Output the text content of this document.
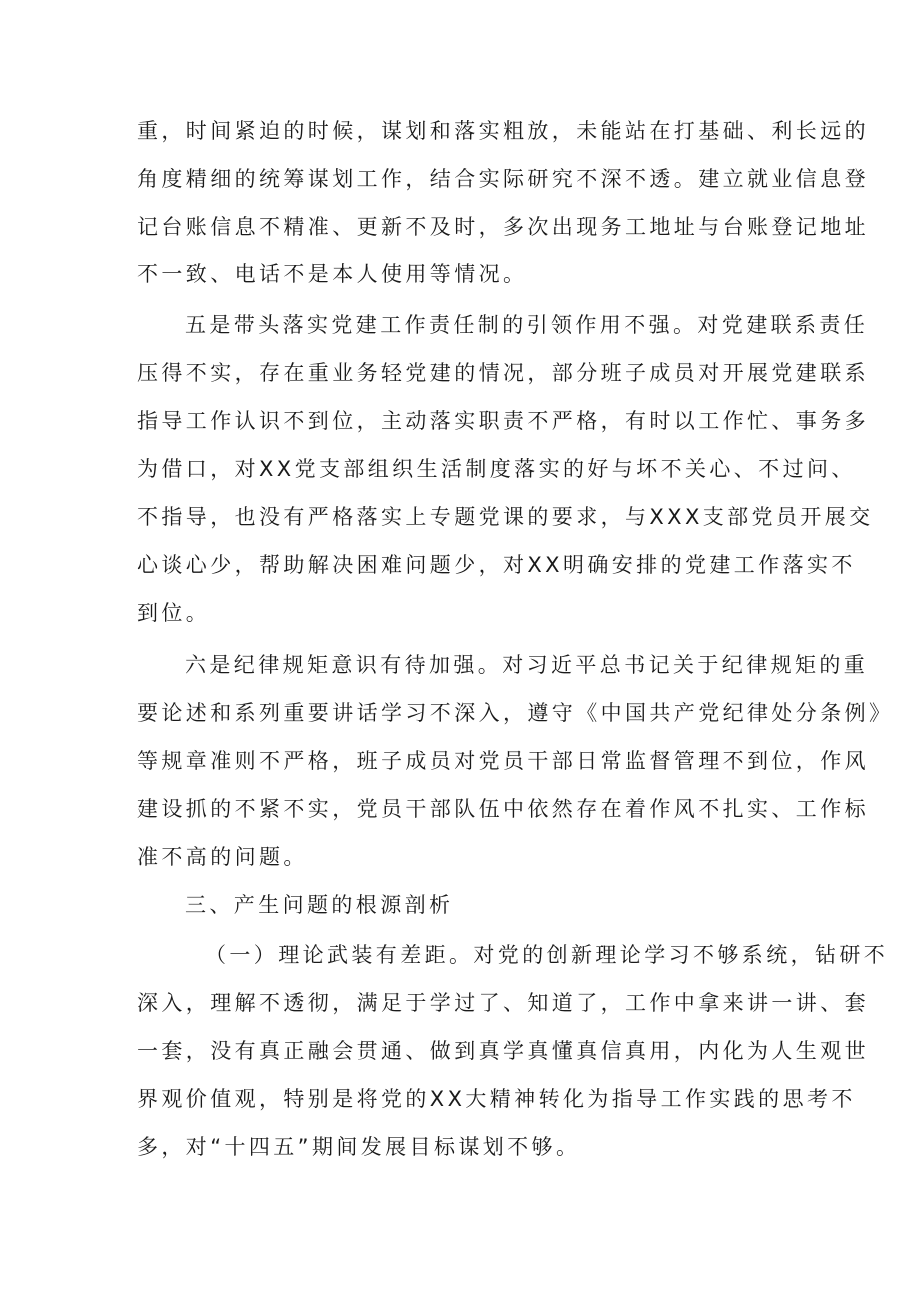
重，时间紧迫的时候，谋划和落实粗放，未能站在打基础、利长远的
角度精细的统筹谋划工作，结合实际研究不深不透。建立就业信息登
记台账信息不精准、更新不及时，多次出现务工地址与台账登记地址
不一致、电话不是本人使用等情况。
五是带头落实党建工作责任制的引领作用不强。对党建联系责任
压得不实，存在重业务轻党建的情况，部分班子成员对开展党建联系
指导工作认识不到位，主动落实职责不严格，有时以工作忙、事务多
为借口，对XX党支部组织生活制度落实的好与坏不关心、不过问、
不指导，也没有严格落实上专题党课的要求，与XXX支部党员开展交
心谈心少，帮助解决困难问题少，对XX明确安排的党建工作落实不
到位。
六是纪律规矩意识有待加强。对习近平总书记关于纪律规矩的重
要论述和系列重要讲话学习不深入，遵守《中国共产党纪律处分条例》
等规章准则不严格，班子成员对党员干部日常监督管理不到位，作风
建设抓的不紧不实，党员干部队伍中依然存在着作风不扎实、工作标
准不高的问题。
三、产生问题的根源剖析
（一）理论武装有差距。对党的创新理论学习不够系统，钻研不
深入，理解不透彻，满足于学过了、知道了，工作中拿来讲一讲、套
一套，没有真正融会贯通、做到真学真懂真信真用，内化为人生观世
界观价值观，特别是将党的XX大精神转化为指导工作实践的思考不
多，对“十四五”期间发展目标谋划不够。
